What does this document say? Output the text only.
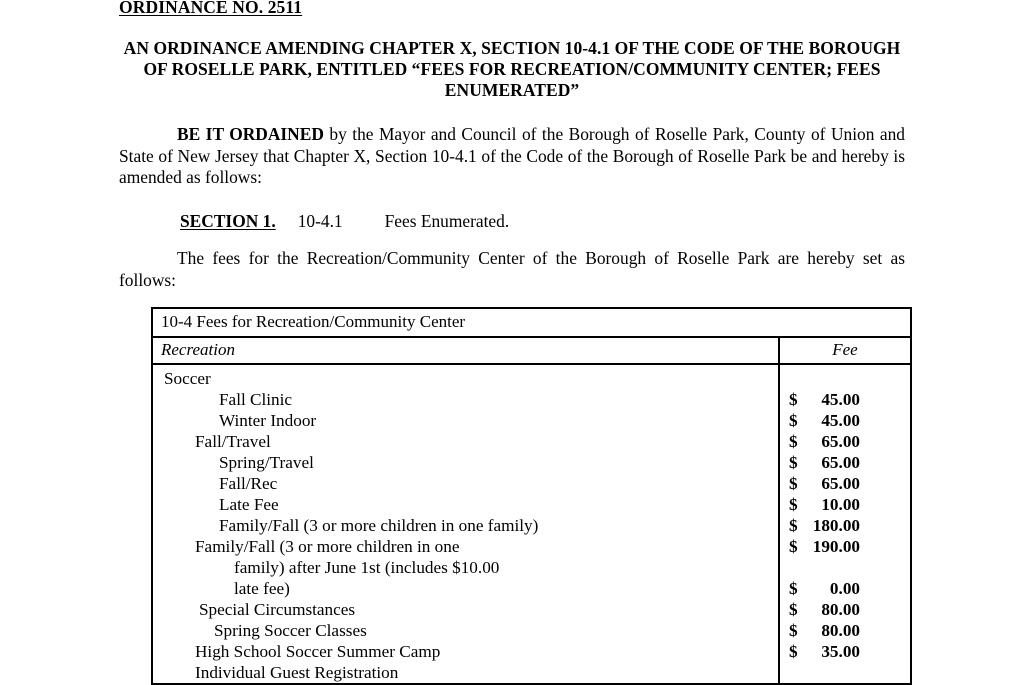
ORDINANCE NO. 2511
AN ORDINANCE AMENDING CHAPTER X, SECTION 10-4.1 OF THE CODE OF THE BOROUGH
OF ROSELLE PARK, ENTITLED “FEES FOR RECREATION/COMMUNITY CENTER; FEES
ENUMERATED”
BE IT ORDAINED by the Mayor and Council of the Borough of Roselle Park, County of Union and State of New Jersey that Chapter X, Section 10-4.1 of the Code of the Borough of Roselle Park be and hereby is amended as follows:
SECTION 1. 10-4.1 Fees Enumerated.
The fees for the Recreation/Community Center of the Borough of Roselle Park are hereby set as follows:
10-4 Fees for Recreation/Community Center
Recreation	Fee
Soccer
Fall Clinic
Winter Indoor
Fall/Travel
Spring/Travel
Fall/Rec
Late Fee
Family/Fall (3 or more children in one family)
Family/Fall (3 or more children in one
family) after June 1st (includes $10.00
late fee)
Special Circumstances
Spring Soccer Classes
High School Soccer Summer Camp
Individual Guest Registration

$ 45.00
$ 45.00
$ 65.00
$ 65.00
$ 65.00
$ 10.00
$ 180.00
$ 190.00

$ 0.00
$ 80.00
$ 80.00
$ 35.00
